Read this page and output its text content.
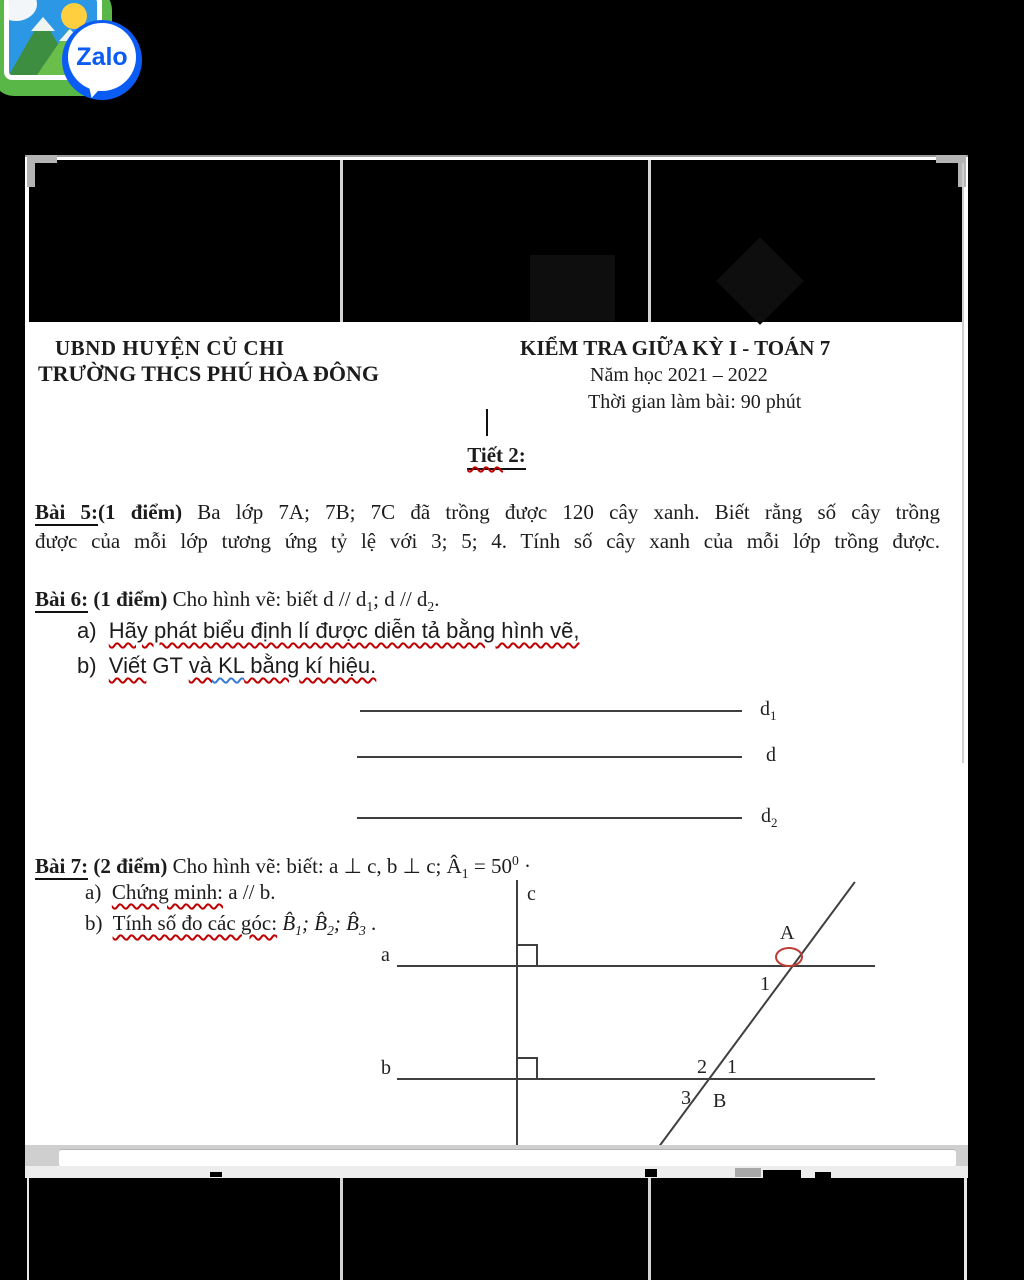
Zalo
UBND HUYỆN CỦ CHI
TRƯỜNG THCS PHÚ HÒA ĐÔNG
KIỂM TRA GIỮA KỲ I - TOÁN 7
Năm học 2021 – 2022
Thời gian làm bài: 90 phút
Tiết 2:
Bài 5:(1 điểm) Ba lớp 7A; 7B; 7C đã trồng được 120 cây xanh. Biết rằng số cây trồng
được của mỗi lớp tương ứng tỷ lệ với 3; 5; 4. Tính số cây xanh của mỗi lớp trồng được.
Bài 6: (1 điểm) Cho hình vẽ: biết d // $d_1$; d // $d_2$.
a) Hãy phát biểu định lí được diễn tả bằng hình vẽ,
b) Viết GT và KL bằng kí hiệu.
$d_1$
d
$d_2$
Bài 7: (2 điểm) Cho hình vẽ: biết: a ⊥ c, b ⊥ c; $Â_1 = 50^0$ ·
a) Chứng minh: a // b.
b) Tính số đo các góc: $B̂_1$; $B̂_2$; $B̂_3$ .
c
a
b
A
1
2 1
3 B
